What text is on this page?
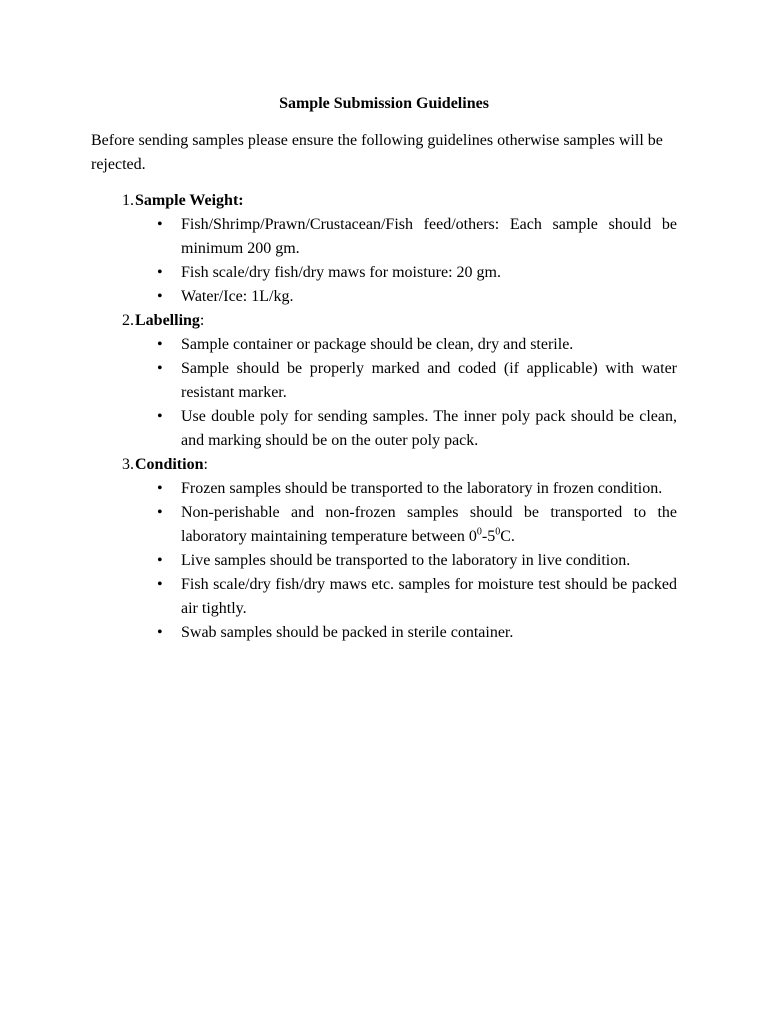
Sample Submission Guidelines
Before sending samples please ensure the following guidelines otherwise samples will be rejected.
1. Sample Weight:
•	Fish/Shrimp/Prawn/Crustacean/Fish feed/others: Each sample should be minimum 200 gm.
•	Fish scale/dry fish/dry maws for moisture: 20 gm.
•	Water/Ice: 1L/kg.
2. Labelling :
•	Sample container or package should be clean, dry and sterile.
•	Sample should be properly marked and coded (if applicable) with water resistant marker.
•	Use double poly for sending samples. The inner poly pack should be clean, and marking should be on the outer poly pack.
3. Condition :
•	Frozen samples should be transported to the laboratory in frozen condition.
•	Non-perishable and non-frozen samples should be transported to the laboratory maintaining temperature between $0^0-5^0C$.
•	Live samples should be transported to the laboratory in live condition.
•	Fish scale/dry fish/dry maws etc. samples for moisture test should be packed air tightly.
•	Swab samples should be packed in sterile container.
